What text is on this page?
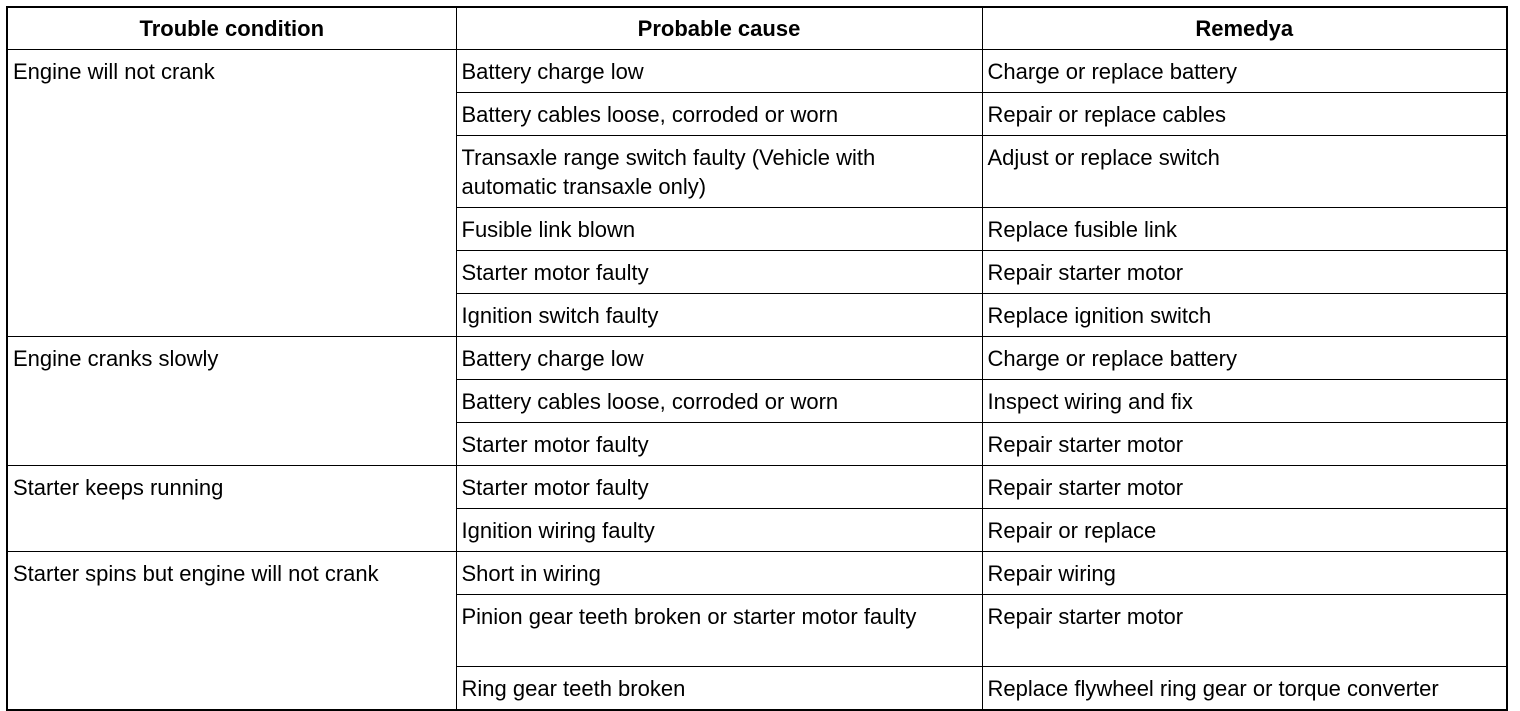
Trouble condition	Probable cause	Remedya
Engine will not crank	Battery charge low	Charge or replace battery
	Battery cables loose, corroded or worn	Repair or replace cables
	Transaxle range switch faulty (Vehicle with automatic transaxle only)	Adjust or replace switch
	Fusible link blown	Replace fusible link
	Starter motor faulty	Repair starter motor
	Ignition switch faulty	Replace ignition switch
Engine cranks slowly	Battery charge low	Charge or replace battery
	Battery cables loose, corroded or worn	Inspect wiring and fix
	Starter motor faulty	Repair starter motor
Starter keeps running	Starter motor faulty	Repair starter motor
	Ignition wiring faulty	Repair or replace
Starter spins but engine will not crank	Short in wiring	Repair wiring
	Pinion gear teeth broken or starter motor faulty	Repair starter motor
	Ring gear teeth broken	Replace flywheel ring gear or torque converter
